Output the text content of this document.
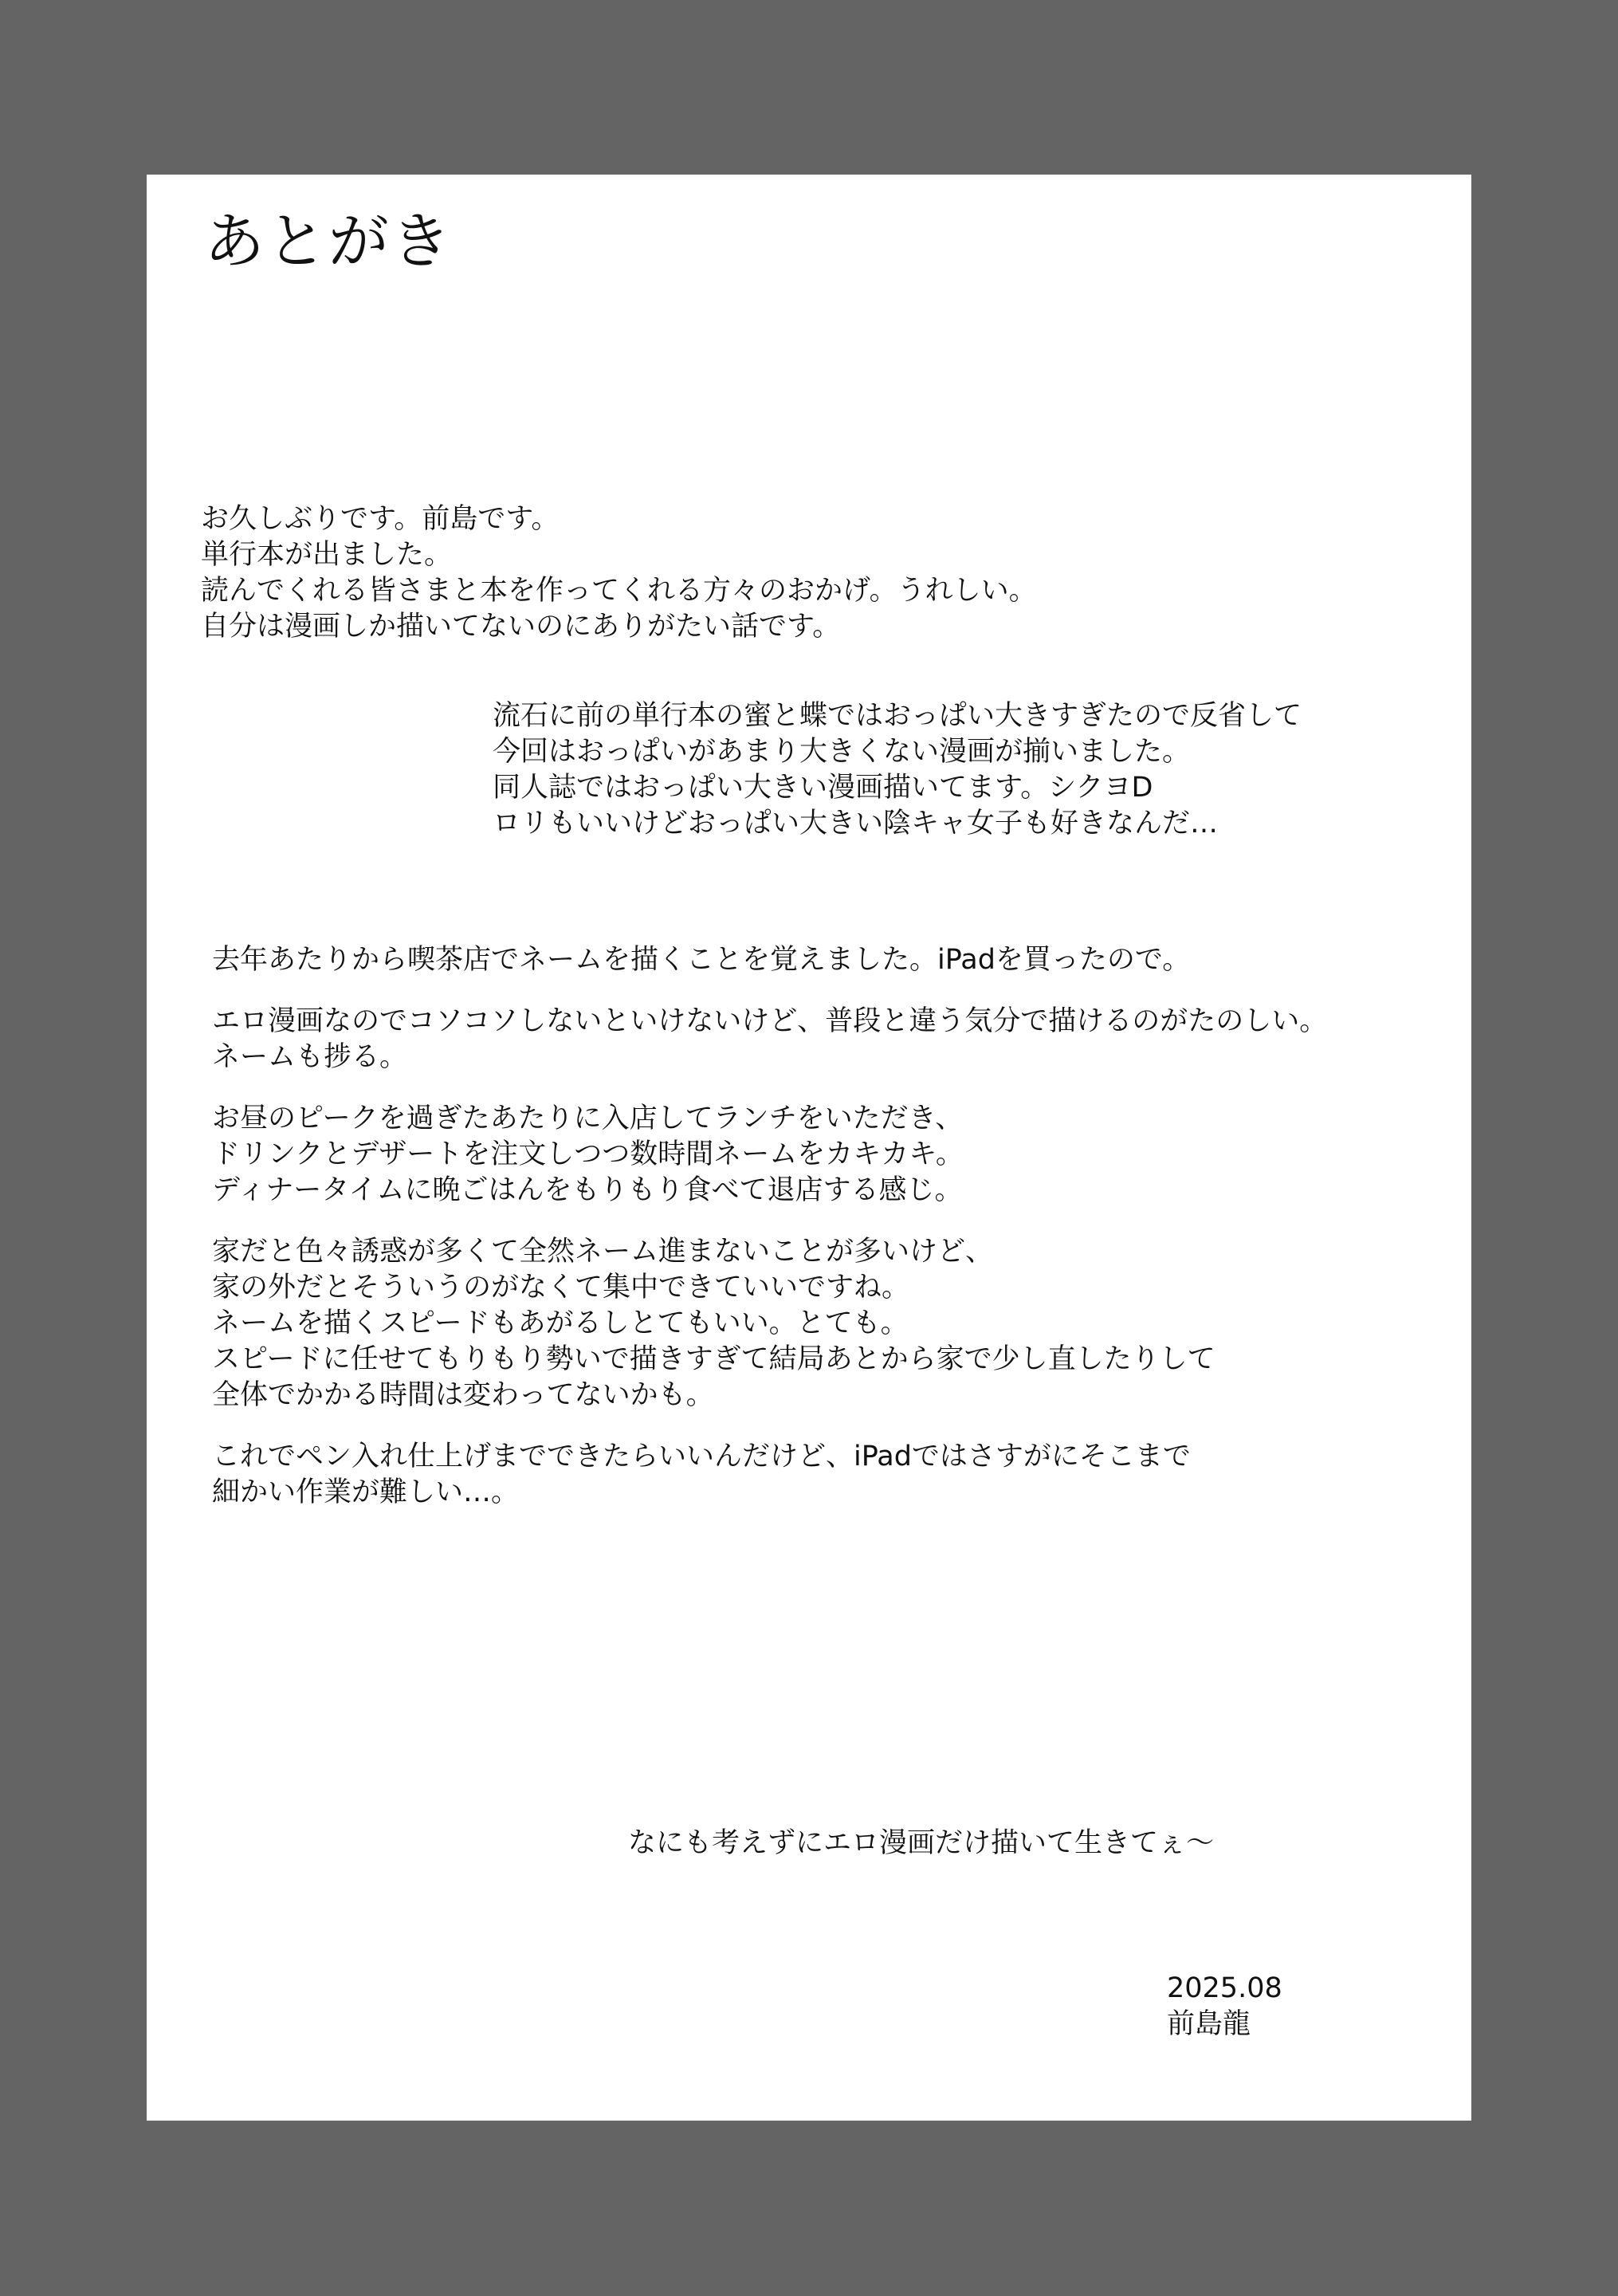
あとがき

お久しぶりです。前島です。
単行本が出ました。
読んでくれる皆さまと本を作ってくれる方々のおかげ。うれしい。
自分は漫画しか描いてないのにありがたい話です。

流石に前の単行本の蜜と蝶ではおっぱい大きすぎたので反省して
今回はおっぱいがあまり大きくない漫画が揃いました。
同人誌ではおっぱい大きい漫画描いてます。シクヨD
ロリもいいけどおっぱい大きい陰キャ女子も好きなんだ…

去年あたりから喫茶店でネームを描くことを覚えました。iPadを買ったので。
エロ漫画なのでコソコソしないといけないけど、普段と違う気分で描けるのがたのしい。
ネームも捗る。
お昼のピークを過ぎたあたりに入店してランチをいただき、
ドリンクとデザートを注文しつつ数時間ネームをカキカキ。
ディナータイムに晩ごはんをもりもり食べて退店する感じ。
家だと色々誘惑が多くて全然ネーム進まないことが多いけど、
家の外だとそういうのがなくて集中できていいですね。
ネームを描くスピードもあがるしとてもいい。とても。
スピードに任せてもりもり勢いで描きすぎて結局あとから家で少し直したりして
全体でかかる時間は変わってないかも。
これでペン入れ仕上げまでできたらいいんだけど、iPadではさすがにそこまで
細かい作業が難しい…。

なにも考えずにエロ漫画だけ描いて生きてぇ〜

2025.08
前島龍
